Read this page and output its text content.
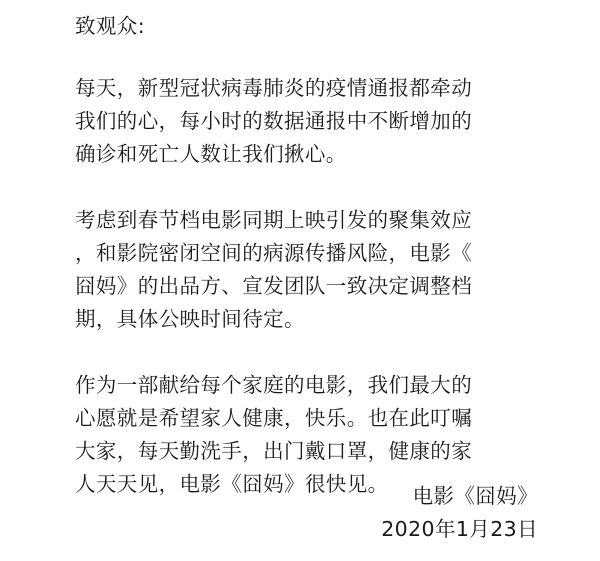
致观众:

每天，新型冠状病毒肺炎的疫情通报都牵动
我们的心，每小时的数据通报中不断增加的
确诊和死亡人数让我们揪心。

考虑到春节档电影同期上映引发的聚集效应
，和影院密闭空间的病源传播风险，电影《
囧妈》的出品方、宣发团队一致决定调整档
期，具体公映时间待定。

作为一部献给每个家庭的电影，我们最大的
心愿就是希望家人健康，快乐。也在此叮嘱
大家，每天勤洗手，出门戴口罩，健康的家
人天天见，电影《囧妈》很快见。	电影《囧妈》
2020年1月23日
